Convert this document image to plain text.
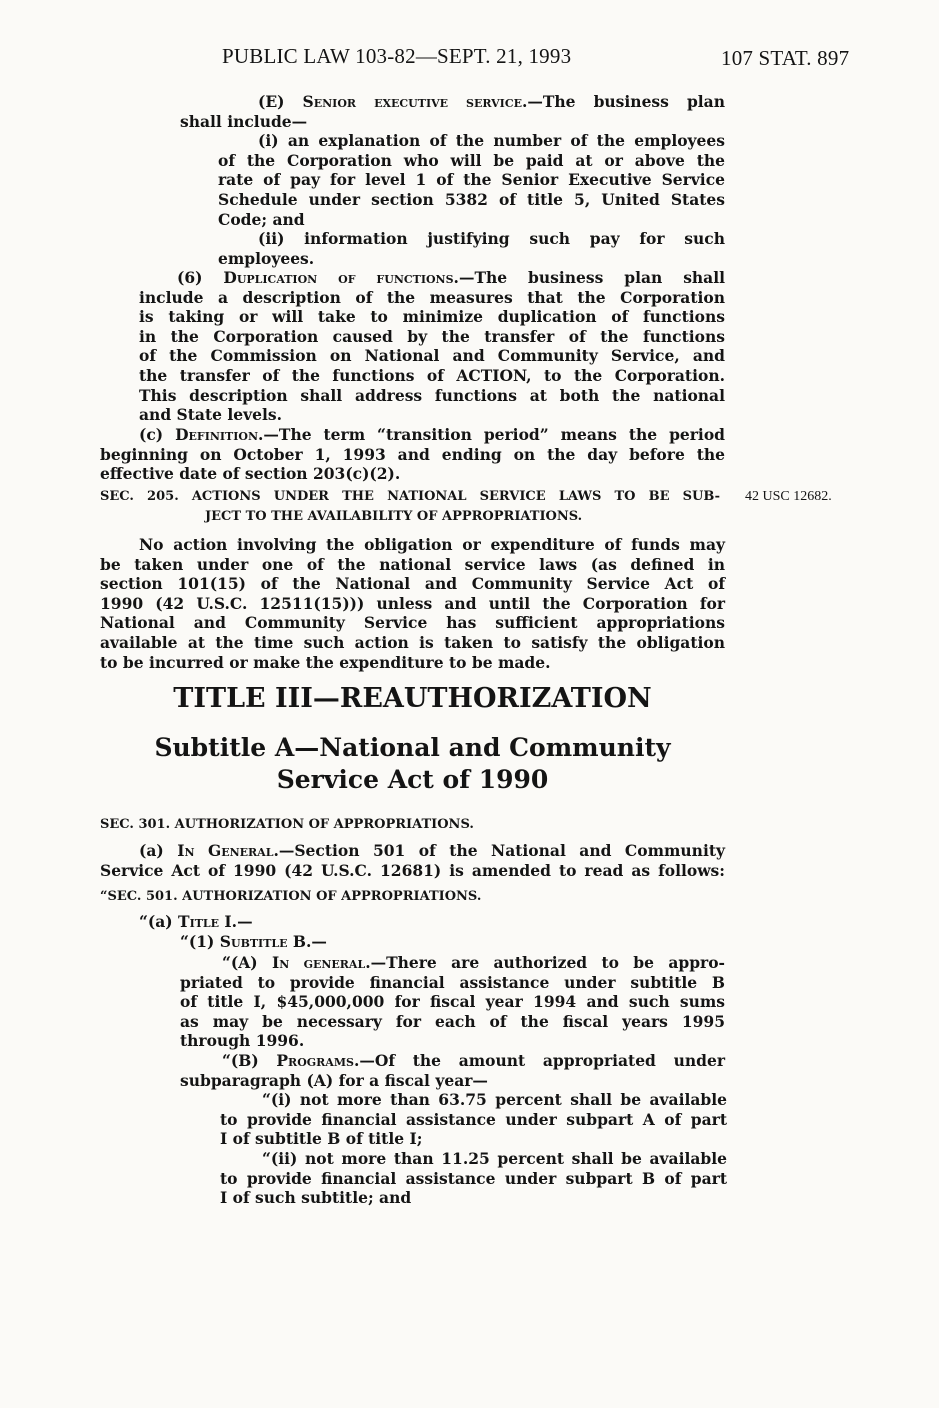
PUBLIC LAW 103-82—SEPT. 21, 1993	107 STAT. 897
(E) Senior executive service.—The business plan
shall include—
(i) an explanation of the number of the employees
of the Corporation who will be paid at or above the
rate of pay for level 1 of the Senior Executive Service
Schedule under section 5382 of title 5, United States
Code; and
(ii) information justifying such pay for such
employees.
(6) Duplication of functions.—The business plan shall
include a description of the measures that the Corporation
is taking or will take to minimize duplication of functions
in the Corporation caused by the transfer of the functions
of the Commission on National and Community Service, and
the transfer of the functions of ACTION, to the Corporation.
This description shall address functions at both the national
and State levels.
(c) Definition.—The term “transition period” means the period
beginning on October 1, 1993 and ending on the day before the
effective date of section 203(c)(2).
SEC. 205. ACTIONS UNDER THE NATIONAL SERVICE LAWS TO BE SUB-
JECT TO THE AVAILABILITY OF APPROPRIATIONS.
42 USC 12682.
No action involving the obligation or expenditure of funds may
be taken under one of the national service laws (as defined in
section 101(15) of the National and Community Service Act of
1990 (42 U.S.C. 12511(15))) unless and until the Corporation for
National and Community Service has sufficient appropriations
available at the time such action is taken to satisfy the obligation
to be incurred or make the expenditure to be made.
TITLE III—REAUTHORIZATION
Subtitle A—National and Community
Service Act of 1990
SEC. 301. AUTHORIZATION OF APPROPRIATIONS.
(a) In General.—Section 501 of the National and Community
Service Act of 1990 (42 U.S.C. 12681) is amended to read as follows:
“SEC. 501. AUTHORIZATION OF APPROPRIATIONS.
“(a) Title I.—
“(1) Subtitle B.—
“(A) In general.—There are authorized to be appro-
priated to provide financial assistance under subtitle B
of title I, $45,000,000 for fiscal year 1994 and such sums
as may be necessary for each of the fiscal years 1995
through 1996.
“(B) Programs.—Of the amount appropriated under
subparagraph (A) for a fiscal year—
“(i) not more than 63.75 percent shall be available
to provide financial assistance under subpart A of part
I of subtitle B of title I;
“(ii) not more than 11.25 percent shall be available
to provide financial assistance under subpart B of part
I of such subtitle; and
